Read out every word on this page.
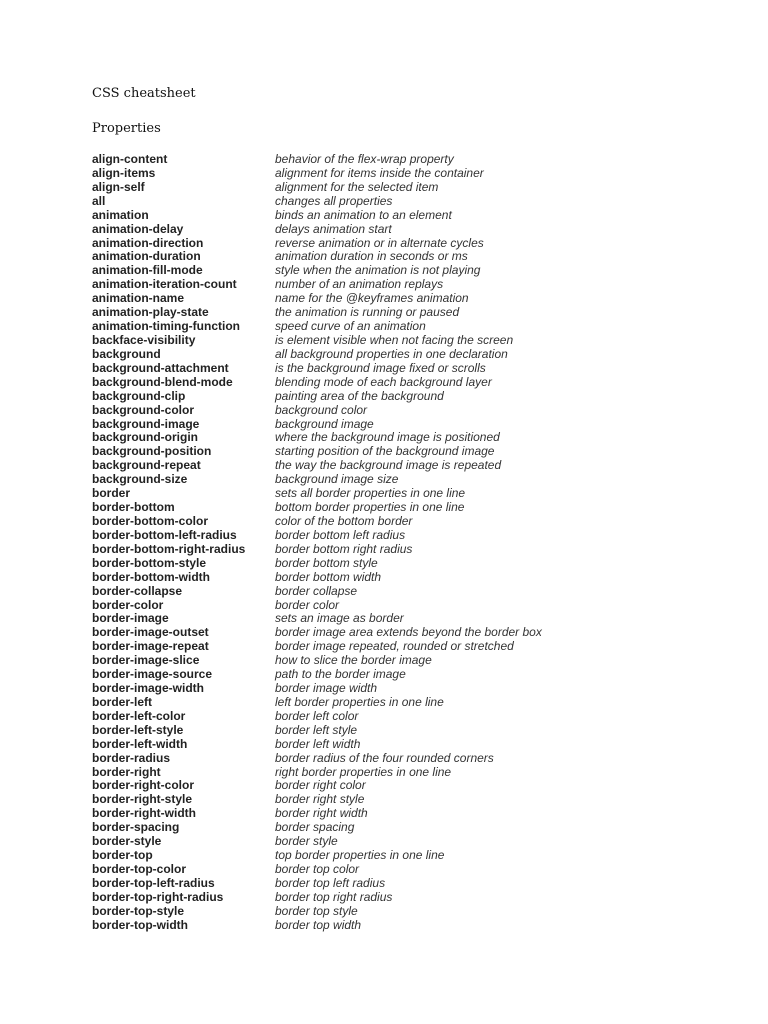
CSS cheatsheet
Properties
align-content	behavior of the flex-wrap property
align-items	alignment for items inside the container
align-self	alignment for the selected item
all	changes all properties
animation	binds an animation to an element
animation-delay	delays animation start
animation-direction	reverse animation or in alternate cycles
animation-duration	animation duration in seconds or ms
animation-fill-mode	style when the animation is not playing
animation-iteration-count	number of an animation replays
animation-name	name for the @keyframes animation
animation-play-state	the animation is running or paused
animation-timing-function	speed curve of an animation
backface-visibility	is element visible when not facing the screen
background	all background properties in one declaration
background-attachment	is the background image fixed or scrolls
background-blend-mode	blending mode of each background layer
background-clip	painting area of the background
background-color	background color
background-image	background image
background-origin	where the background image is positioned
background-position	starting position of the background image
background-repeat	the way the background image is repeated
background-size	background image size
border	sets all border properties in one line
border-bottom	bottom border properties in one line
border-bottom-color	color of the bottom border
border-bottom-left-radius	border bottom left radius
border-bottom-right-radius	border bottom right radius
border-bottom-style	border bottom style
border-bottom-width	border bottom width
border-collapse	border collapse
border-color	border color
border-image	sets an image as border
border-image-outset	border image area extends beyond the border box
border-image-repeat	border image repeated, rounded or stretched
border-image-slice	how to slice the border image
border-image-source	path to the border image
border-image-width	border image width
border-left	left border properties in one line
border-left-color	border left color
border-left-style	border left style
border-left-width	border left width
border-radius	border radius of the four rounded corners
border-right	right border properties in one line
border-right-color	border right color
border-right-style	border right style
border-right-width	border right width
border-spacing	border spacing
border-style	border style
border-top	top border properties in one line
border-top-color	border top color
border-top-left-radius	border top left radius
border-top-right-radius	border top right radius
border-top-style	border top style
border-top-width	border top width
